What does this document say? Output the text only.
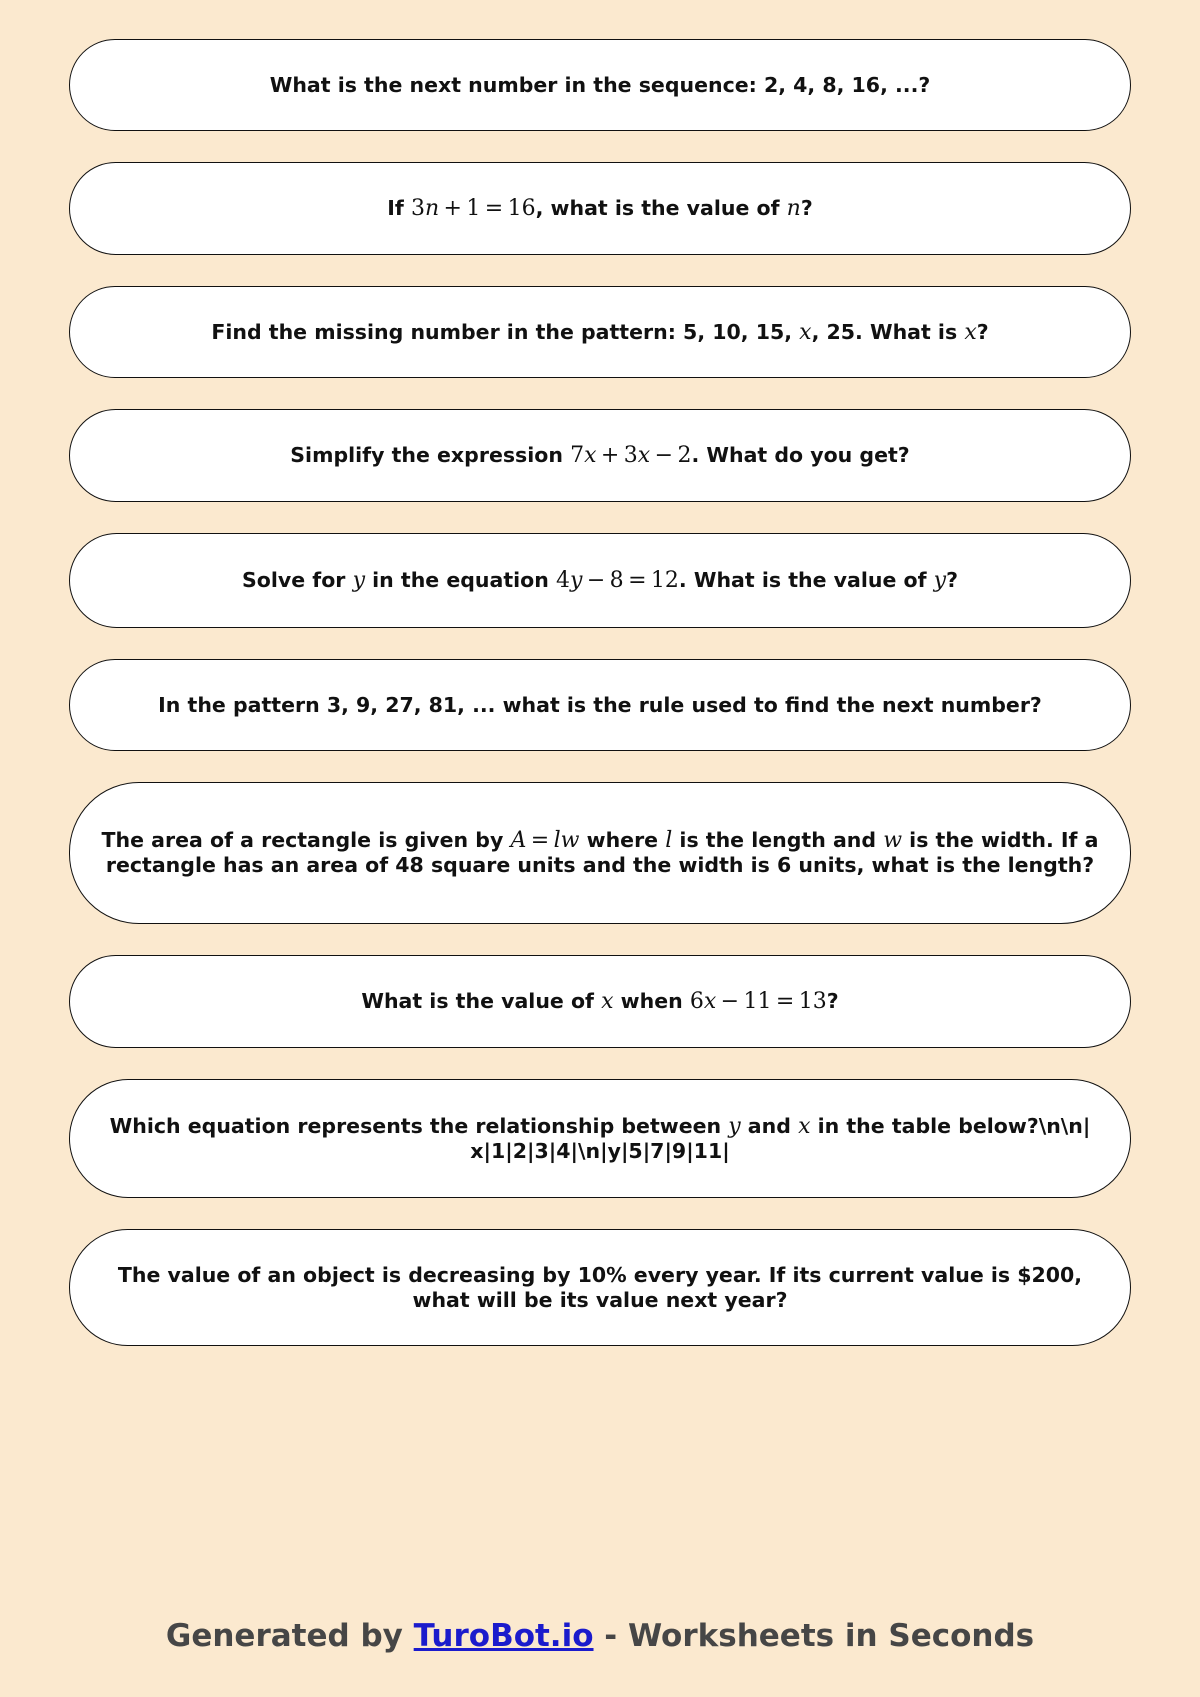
What is the next number in the sequence: 2, 4, 8, 16, ...?
If 3n  +  1  =  16, what is the value of n?
Find the missing number in the pattern: 5, 10, 15, x, 25. What is x?
Simplify the expression 7x  +  3x  −  2. What do you get?
Solve for y in the equation 4y  −  8  =  12. What is the value of y?
In the pattern 3, 9, 27, 81, ... what is the rule used to find the next number?
The area of a rectangle is given by A  =  lw where l is the length and w is the width. If a rectangle has an area of 48 square units and the width is 6 units, what is the length?
What is the value of x when 6x  −  11  =  13?
Which equation represents the relationship between y and x in the table below?\n\n| x|1|2|3|4|\n|y|5|7|9|11|
The value of an object is decreasing by 10% every year. If its current value is $200, what will be its value next year?
Generated by TuroBot.io - Worksheets in Seconds
